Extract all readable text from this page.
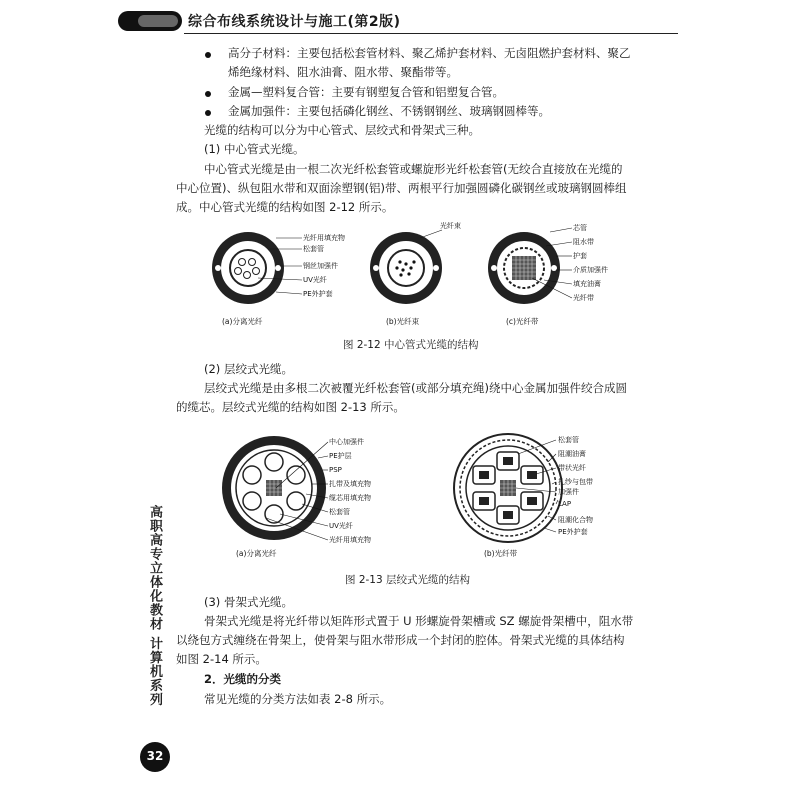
综合布线系统设计与施工(第2版)
高分子材料：主要包括松套管材料、聚乙烯护套材料、无卤阻燃护套材料、聚乙
烯绝缘材料、阻水油膏、阻水带、聚酯带等。
金属—塑料复合管：主要有钢塑复合管和铝塑复合管。
金属加强件：主要包括磷化钢丝、不锈钢钢丝、玻璃钢圆棒等。
光缆的结构可以分为中心管式、层绞式和骨架式三种。
(1) 中心管式光缆。
中心管式光缆是由一根二次光纤松套管或螺旋形光纤松套管(无绞合直接放在光缆的
中心位置)、纵包阻水带和双面涂塑钢(铝)带、两根平行加强圆磷化碳钢丝或玻璃钢圆棒组
成。中心管式光缆的结构如图 2-12 所示。
光纤用填充物
松套管
钢丝加强件
UV光纤
PE外护套
光纤束	芯管
阻水带
护套
介质加强件
填充油膏
光纤带
(a)分离光纤	(b)光纤束	(c)光纤带
图 2-12 中心管式光缆的结构
(2) 层绞式光缆。
层绞式光缆是由多根二次被覆光纤松套管(或部分填充绳)绕中心金属加强件绞合成圆
的缆芯。层绞式光缆的结构如图 2-13 所示。
中心加强件
PE护层
PSP
扎带及填充物
缆芯用填充物
松套管
UV光纤
光纤用填充物
松套管
阻潮油膏
带状光纤
扎纱与包带
加强件
LAP
阻潮化合物
PE外护套
(a)分离光纤	(b)光纤带
图 2-13 层绞式光缆的结构
(3) 骨架式光缆。
骨架式光缆是将光纤带以矩阵形式置于 U 形螺旋骨架槽或 SZ 螺旋骨架槽中，阻水带
以绕包方式缠绕在骨架上，使骨架与阻水带形成一个封闭的腔体。骨架式光缆的具体结构
如图 2-14 所示。
2．光缆的分类
常见光缆的分类方法如表 2-8 所示。
高职高专立体化教材 计算机系列
32
